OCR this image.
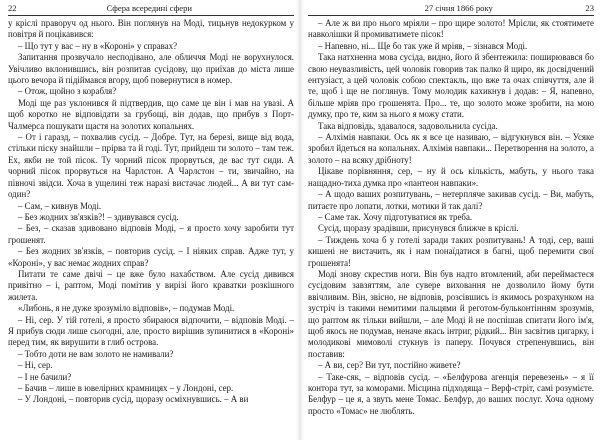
22	Сфера всередині сфери

у кріслі праворуч од нього. Він поглянув на Моді, тицьнув недокурком у повітря й поцікавився:

– Що тут у вас – ну в «Короні» у справах?

Запитання прозвучало несподівано, але обличчя Моді не ворухнулося. Увічливо вклонившись, він розпитав сусідову, що приїхав до міста лише цього вечора й підіймався вгору, щоб повернутися в номер.

– Отож, щойно з корабля?

Моді ще раз уклонився й підтвердив, що саме це він і мав на увазі. А щоб коротко не відповідати за грубощі, він додав, що прибув з Порт-Чалмерса пошукати щастя на золотих копальнях.

– От і гаразд, – похвалив сусід. – Добре. Тут, на березі, вище від вода, стільки піску знайшли – прірва та й годі. Тут, прийдеш ти золото – там теж. Ех, якби не той пісок. Ту чорний пісок прорвуться, де вас тут сиди. А чорний пісок прорвуться на Чарлстон. А Чарлстон – ти, звичайно, на півночі звідси. Хоча в ущелині теж наразі вистачає людей... А ви тут сам-один?

– Сам, – кивнув Моді.

– Без жодних зв'язків?! – здивувався сусід.

– Без, – сказав здивовано відповів Моді, – я просто хочу заробити тут грошенят.

– Без жодних зв'язків, – повторив сусід. – І ніяких справ. Адже тут, у «Короні», у вас немає жодних справ?

Питати те саме двічі – це вже було нахабством. Але сусід дивився привітно – і, раптом, Моді помітив у вирізі його краватки розкішного жилета.

«Либонь, я не дуже зрозуміло відповів», – подумав Моді.

– Ні, сер. У тій готелі, я просто збираюся відпочити, – відповів Моді. – Я прибув сюди лише сьогодні, але, просто вирішив зупинитися в «Короні» перед тим, як вирушити в глиб острова.

– Тобто доти не вам золото не намивали?

– Ні, сер.

– І не бачили?

– Бачив – лише в ювелірних крамницях – у Лондоні, сер.

– У Лондоні, – повторив сусід, щоразу осміхнувшись. – А ви

27 січня 1866 року	23

– Але ж ви про нього мріяли – про щире золото! Мрієли, як стоятимете навколішки й промиватимете пісок!

– Напевно, ні... Ще бо так уже й мріяв, – зізнався Моді.

Така натхненна мова сусіда, видно, його й збентежила: поширювався бо свою неувазливість, цей чоловік говорив так палко й щиро, як досвідчений ентузіаст, а цей чоловік собою спектакль, що вже та очах співчуття, але й те, щоб і ще не поглянув. Тому молодик кахикнув і додав: – Я, напевно, більше мріяв про грошенята. Про... те, що золото може зробити, на мою думку, про те, ким за нього я можу стати.

Така відповідь, здавалося, задовольнила сусіда.

– Алхімія навпаки. Ось як я все це називаю, – відгукнувся він. – Усяке зробил йдеться на копальнях. Алхімія навпаки... Перетворення на золото, а золото – на всяку дрібноту!

Цікаве порівняння, сер, – ну й ось кількість, мабуть, у нього така нащадно-тиха думка про «пантеон навпаки».

– А щодо ваших розпитувань, – нетерпляче закивав сусід. – Ви, мабуть, питаєте про лопати, лотки, мотики й так далі?

– Саме так. Хочу підготуватися як треба.

Сусід, щоразу зрадівши, присунувся ближче в кріслі.

– Тиждень хоча б у готелі заради таких розпитувань! А тоді, сер, ваші кишені не вистачить, як і нам понаїдатися в багні, щоб перемити свої грошенята!

Моді знову скрестив ноги. Він був надто втомлений, аби переймаєтеся сусідовим завзяттям, але сувере виховання не дозволило йому бути ввічливим. Він, звісно, не відповів, розсівшись із якимось розрахунком на зустріч із такими немитими пальцями й реготом-бульконтінням зрозумів, що раптом як тільки вийшли, – але Моді й не поспішав спитати його ім'я, щоб якось не подумав, неначе якась інтриг, рідкий... Він засвітив цигарку, і молодикові мимоволі стукнув із паперу. Почувся стрепенувшись, він поставив:

– А ви, сер? Ви тут, постійно живете?

– Таке-сяк, – відповів сусід. – «Белфурова агенція перевезень» – я її контора тут, за коморами. Місцина підходяща – Верф-стріт, самі розумієте. Белфур – це я, а звуть мене Томас. Белфур, до ваших послуг. Хоча одному просто «Томас» не люблять.
